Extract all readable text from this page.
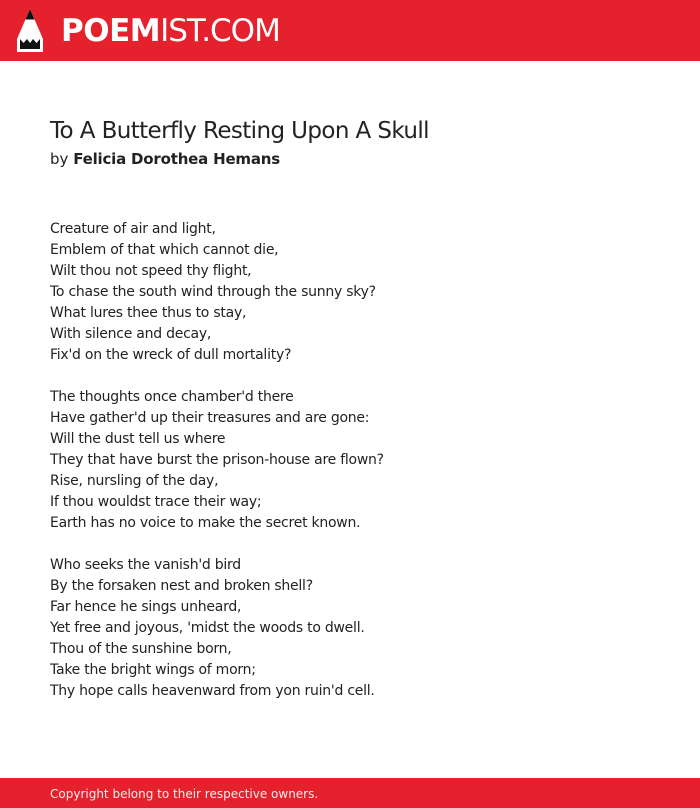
POEMIST.COM
To A Butterfly Resting Upon A Skull
by Felicia Dorothea Hemans
Creature of air and light,
Emblem of that which cannot die,
Wilt thou not speed thy flight,
To chase the south wind through the sunny sky?
What lures thee thus to stay,
With silence and decay,
Fix'd on the wreck of dull mortality?
The thoughts once chamber'd there
Have gather'd up their treasures and are gone:
Will the dust tell us where
They that have burst the prison-house are flown?
Rise, nursling of the day,
If thou wouldst trace their way;
Earth has no voice to make the secret known.
Who seeks the vanish'd bird
By the forsaken nest and broken shell?
Far hence he sings unheard,
Yet free and joyous, 'midst the woods to dwell.
Thou of the sunshine born,
Take the bright wings of morn;
Thy hope calls heavenward from yon ruin'd cell.
Copyright belong to their respective owners.
